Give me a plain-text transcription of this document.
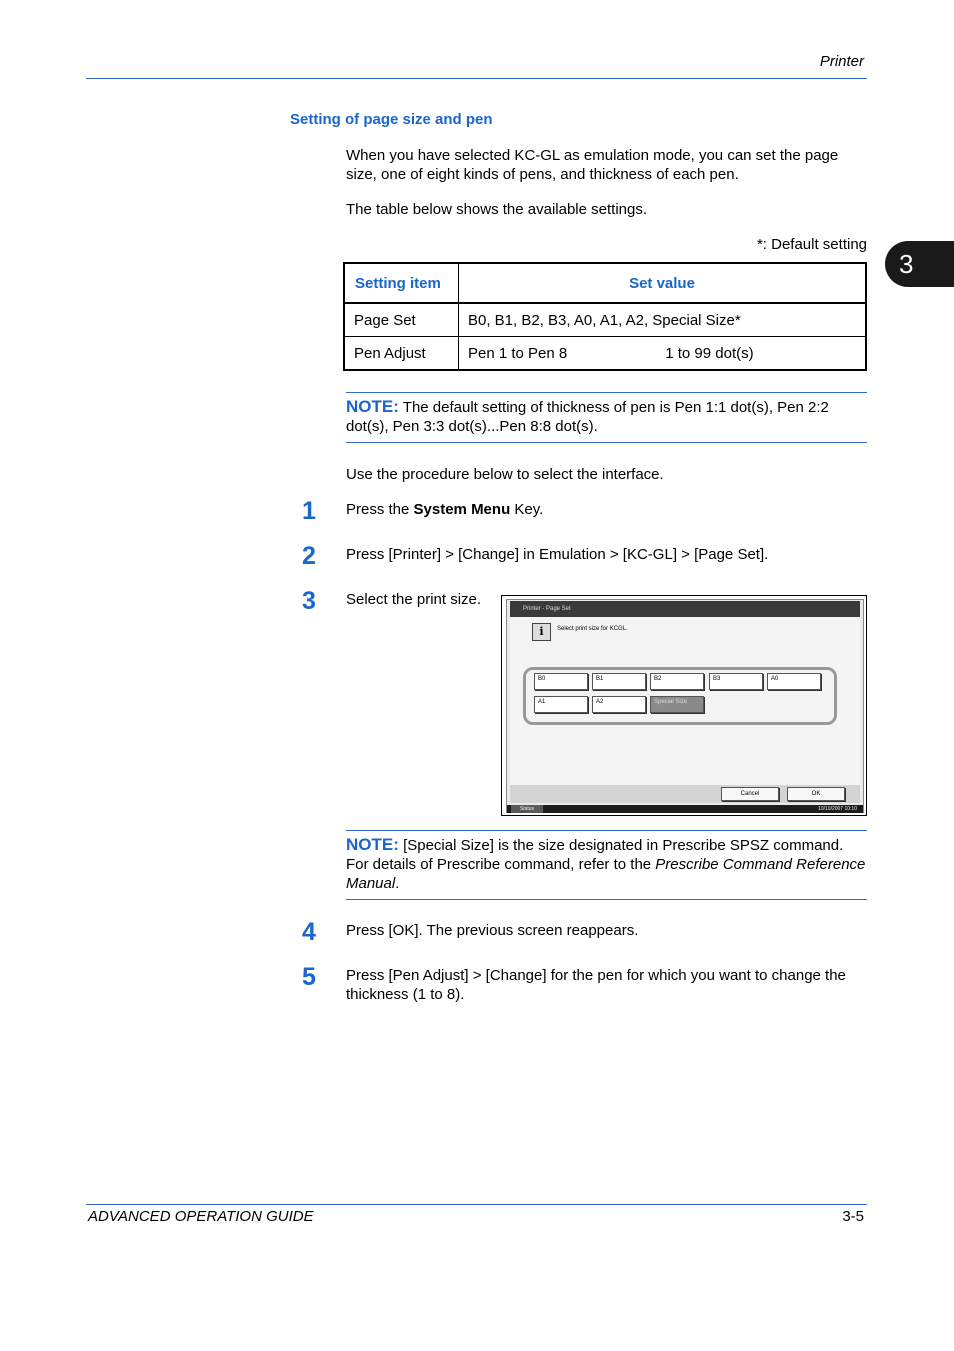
Printer
3
Setting of page size and pen
When you have selected KC-GL as emulation mode, you can set the page size, one of eight kinds of pens, and thickness of each pen.
The table below shows the available settings.
*: Default setting
Setting item	Set value
Page Set	B0, B1, B2, B3, A0, A1, A2, Special Size*
Pen Adjust	Pen 1 to Pen 8 1 to 99 dot(s)
NOTE: The default setting of thickness of pen is Pen 1:1 dot(s), Pen 2:2 dot(s), Pen 3:3 dot(s)...Pen 8:8 dot(s).
Use the procedure below to select the interface.
1 Press the System Menu Key.
2 Press [Printer] > [Change] in Emulation > [KC-GL] > [Page Set].
3 Select the print size.
Printer - Page Set
i	Select print size for KCGL.
B0	B1	B2	B3	A0
A1	A2	Special Size
Cancel	OK
Status	10/10/2007 10:10
NOTE: [Special Size] is the size designated in Prescribe SPSZ command. For details of Prescribe command, refer to the Prescribe Command Reference Manual.
4 Press [OK]. The previous screen reappears.
5 Press [Pen Adjust] > [Change] for the pen for which you want to change the thickness (1 to 8).
ADVANCED OPERATION GUIDE	3-5
